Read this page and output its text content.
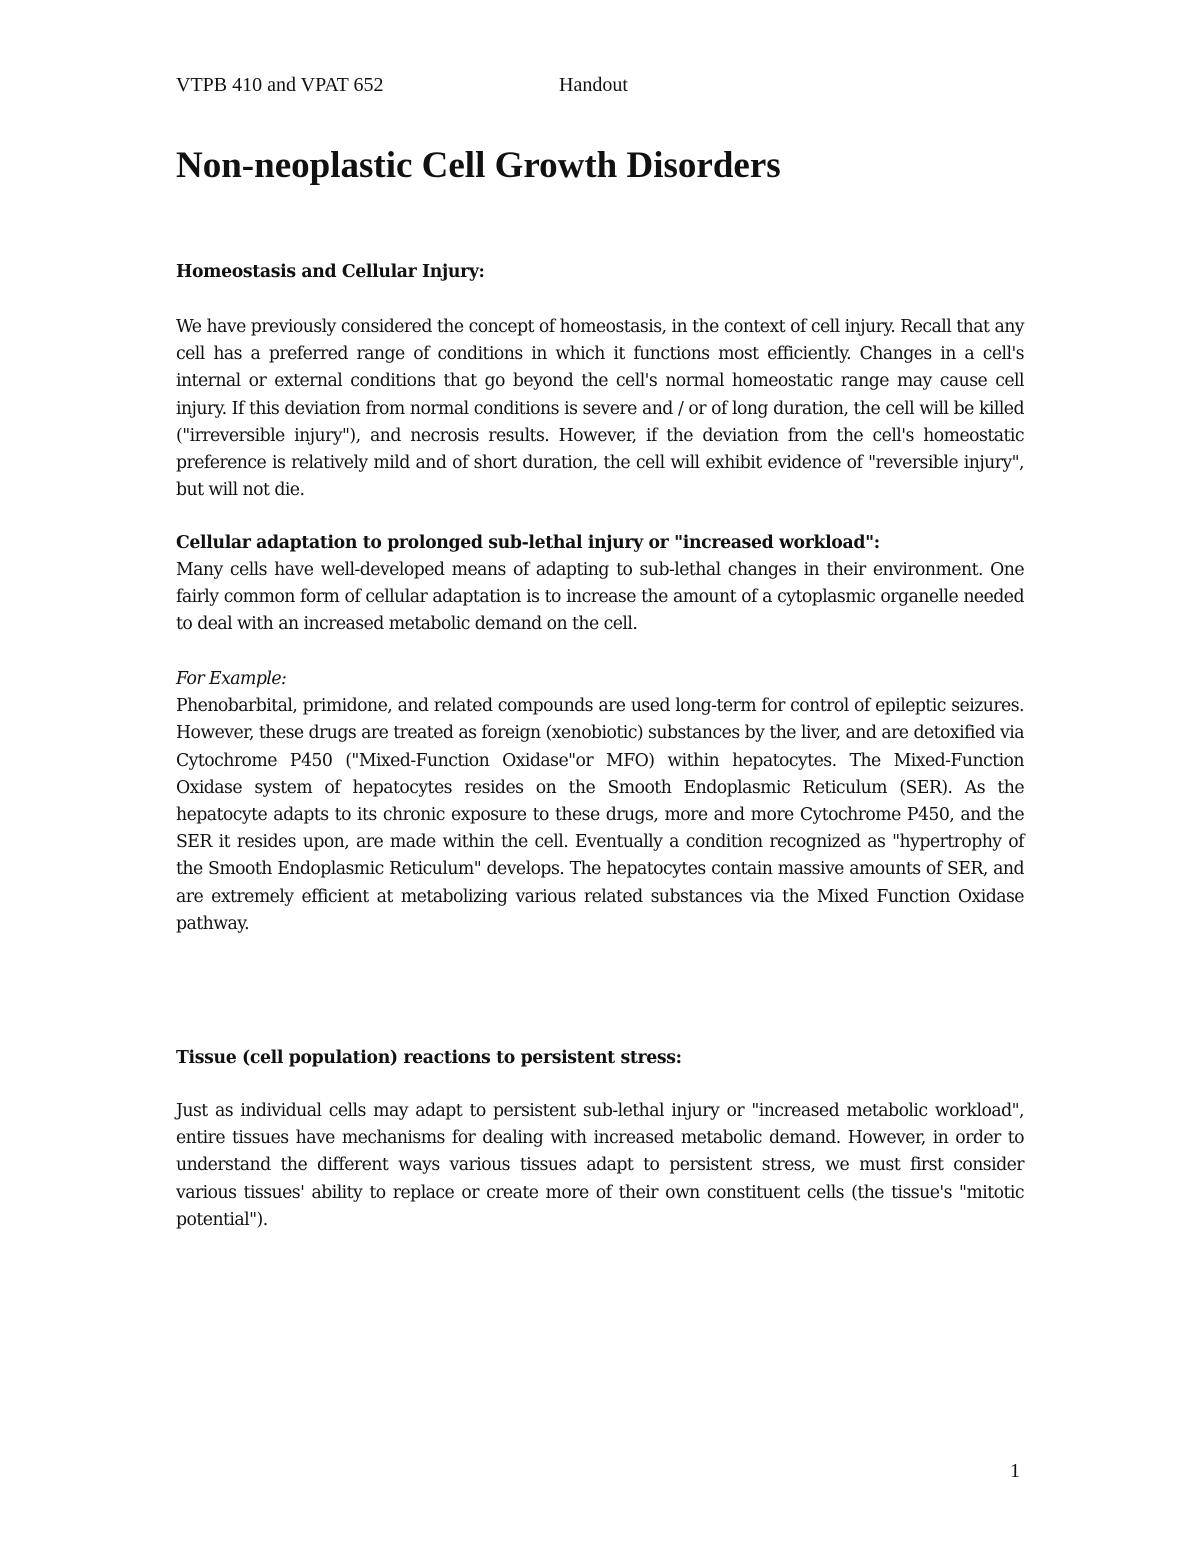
VTPB 410 and VPAT 652	Handout
Non-neoplastic Cell Growth Disorders
Homeostasis and Cellular Injury:

We have previously considered the concept of homeostasis, in the context of cell injury. Recall that any cell has a preferred range of conditions in which it functions most efficiently. Changes in a cell's internal or external conditions that go beyond the cell's normal homeostatic range may cause cell injury. If this deviation from normal conditions is severe and / or of long duration, the cell will be killed ("irreversible injury"), and necrosis results. However, if the deviation from the cell's homeostatic preference is relatively mild and of short duration, the cell will exhibit evidence of "reversible injury", but will not die.

Cellular adaptation to prolonged sub-lethal injury or "increased workload":

Many cells have well-developed means of adapting to sub-lethal changes in their environment. One fairly common form of cellular adaptation is to increase the amount of a cytoplasmic organelle needed to deal with an increased metabolic demand on the cell.

For Example:
Phenobarbital, primidone, and related compounds are used long-term for control of epileptic seizures. However, these drugs are treated as foreign (xenobiotic) substances by the liver, and are detoxified via Cytochrome P450 ("Mixed-Function Oxidase"or MFO) within hepatocytes. The Mixed-Function Oxidase system of hepatocytes resides on the Smooth Endoplasmic Reticulum (SER). As the hepatocyte adapts to its chronic exposure to these drugs, more and more Cytochrome P450, and the SER it resides upon, are made within the cell. Eventually a condition recognized as "hypertrophy of the Smooth Endoplasmic Reticulum" develops. The hepatocytes contain massive amounts of SER, and are extremely efficient at metabolizing various related substances via the Mixed Function Oxidase pathway.
Tissue (cell population) reactions to persistent stress:

Just as individual cells may adapt to persistent sub-lethal injury or "increased metabolic workload", entire tissues have mechanisms for dealing with increased metabolic demand. However, in order to understand the different ways various tissues adapt to persistent stress, we must first consider various tissues' ability to replace or create more of their own constituent cells (the tissue's "mitotic potential").

1
